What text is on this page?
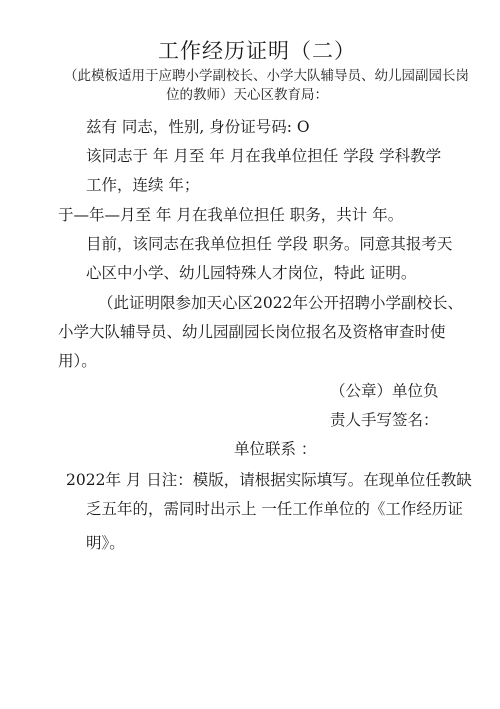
工作经历证明（二）
（此模板适用于应聘小学副校长、小学大队辅导员、幼儿园副园长岗
位的教师）天心区教育局：
兹有 同志，性别, 身份证号码: O
该同志于 年 月至 年 月在我单位担任 学段 学科教学
工作，连续 年；
于—年—月至 年 月在我单位担任 职务，共计 年。
目前，该同志在我单位担任 学段 职务。同意其报考天
心区中小学、幼儿园特殊人才岗位，特此 证明。
（此证明限参加天心区2022年公开招聘小学副校长、
小学大队辅导员、幼儿园副园长岗位报名及资格审查时使
用）。
（公章）单位负
责人手写签名：
单位联系 ：
2022年 月 日注：模版，请根据实际填写。在现单位任教缺
乏五年的，需同时出示上 一任工作单位的《工作经历证
明》。
